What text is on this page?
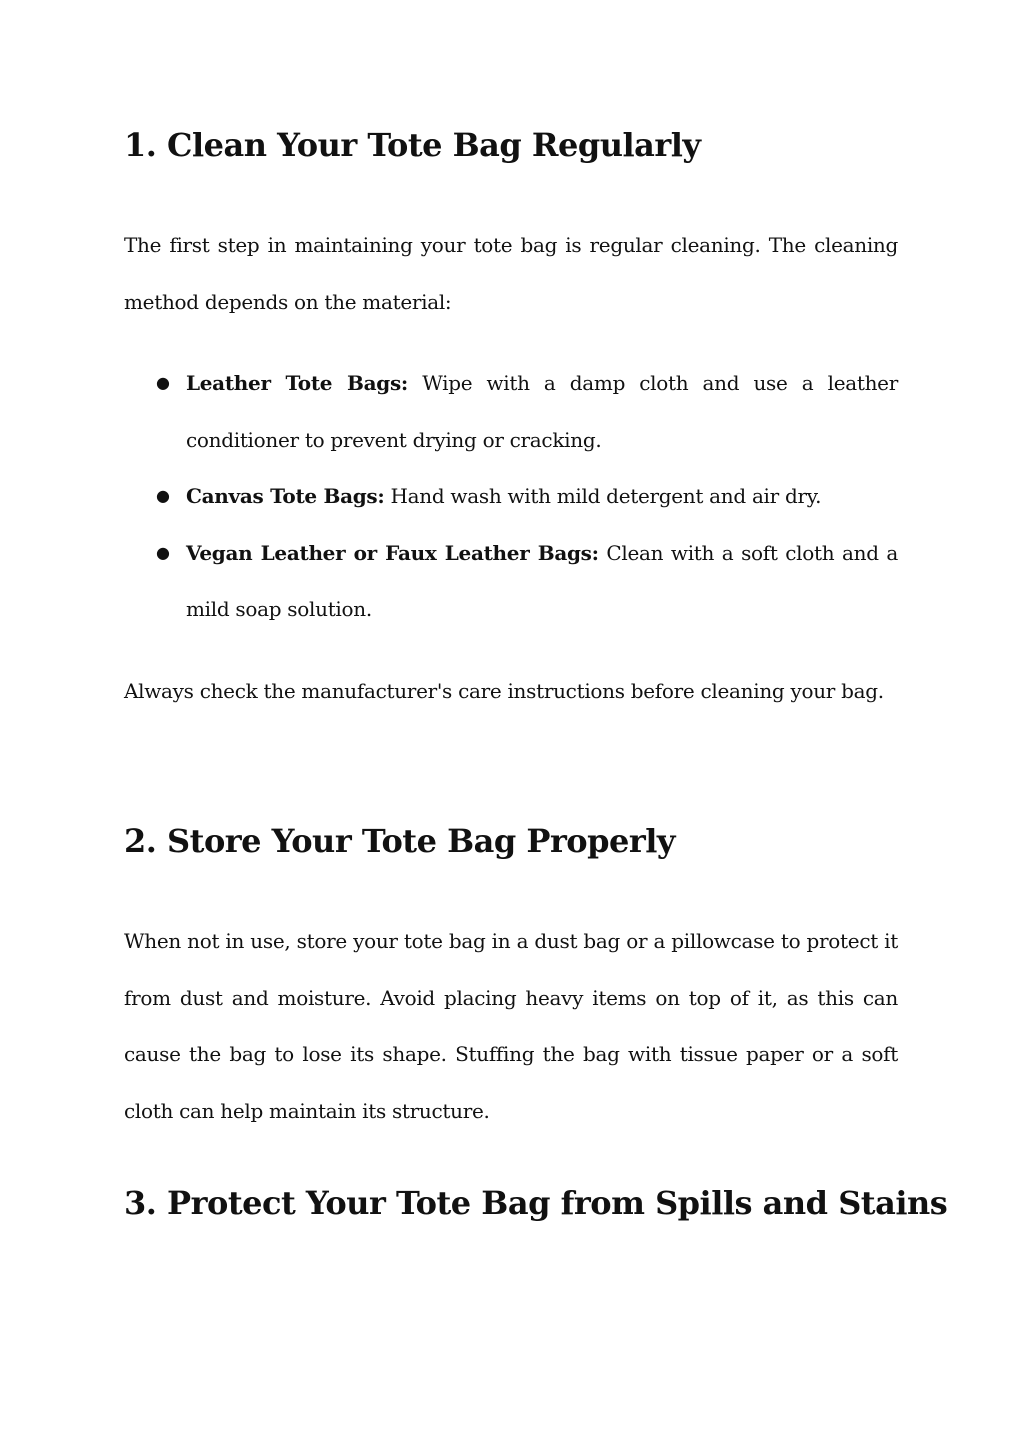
1. Clean Your Tote Bag Regularly

The first step in maintaining your tote bag is regular cleaning. The cleaning method depends on the material:

● Leather Tote Bags: Wipe with a damp cloth and use a leather conditioner to prevent drying or cracking.
● Canvas Tote Bags: Hand wash with mild detergent and air dry.
● Vegan Leather or Faux Leather Bags: Clean with a soft cloth and a mild soap solution.

Always check the manufacturer's care instructions before cleaning your bag.

2. Store Your Tote Bag Properly

When not in use, store your tote bag in a dust bag or a pillowcase to protect it from dust and moisture. Avoid placing heavy items on top of it, as this can cause the bag to lose its shape. Stuffing the bag with tissue paper or a soft cloth can help maintain its structure.

3. Protect Your Tote Bag from Spills and Stains
